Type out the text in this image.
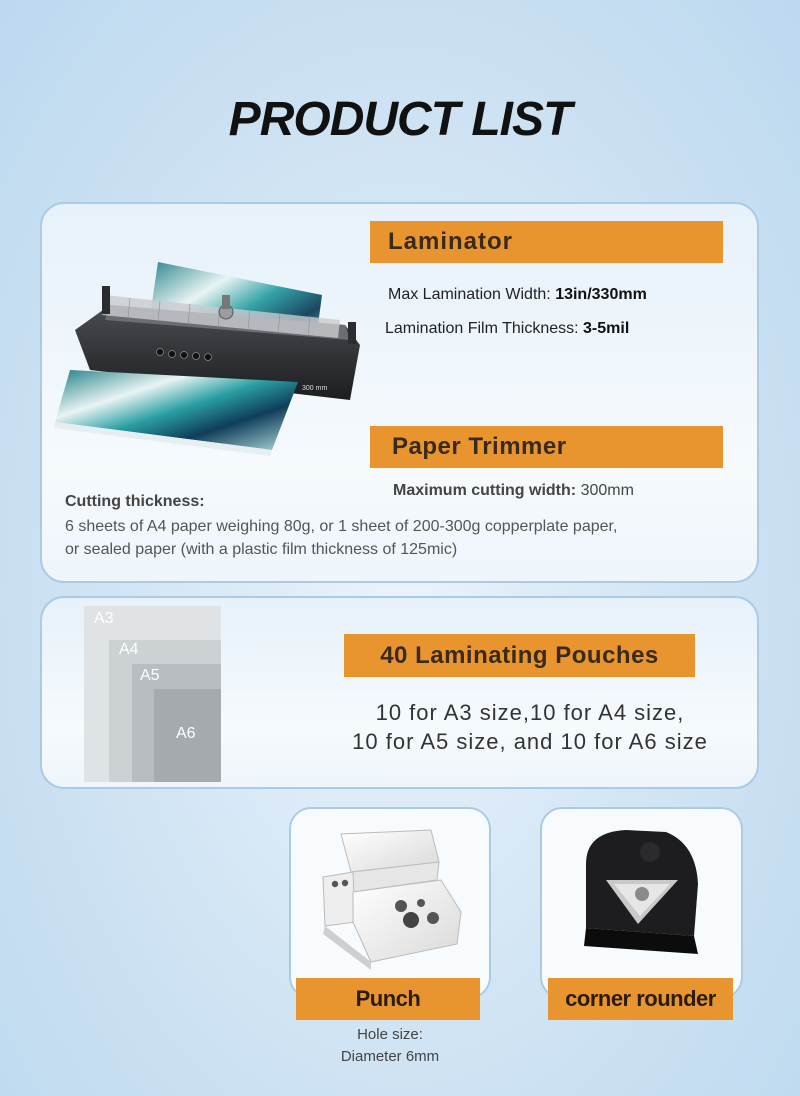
PRODUCT LIST
300 mm
Laminator
Max Lamination Width: 13in/330mm
Lamination Film Thickness: 3-5mil
Paper Trimmer
Maximum cutting width: 300mm
Cutting thickness:
6 sheets of A4 paper weighing 80g, or 1 sheet of 200-300g copperplate paper,
or sealed paper (with a plastic film thickness of 125mic)
A3
A4
A5
A6
40 Laminating Pouches
10 for A3 size,10 for A4 size,
10 for A5 size, and 10 for A6 size
Punch
Hole size:
Diameter 6mm
corner rounder
